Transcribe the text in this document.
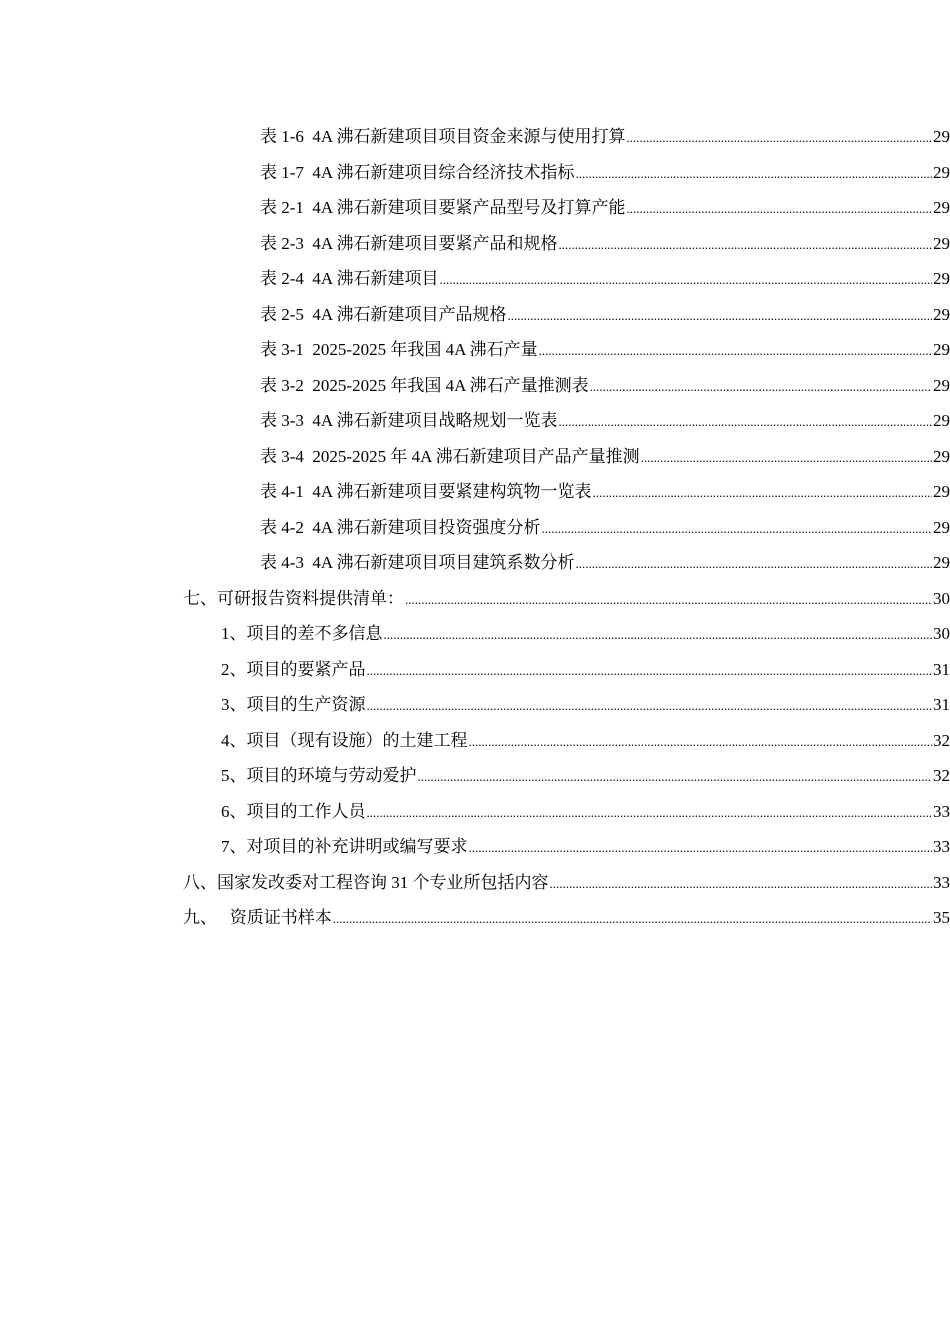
表 1-6  4A 沸石新建项目项目资金来源与使用打算 .....	29
表 1-7  4A 沸石新建项目综合经济技术指标 .....	29
表 2-1  4A 沸石新建项目要紧产品型号及打算产能 .....	29
表 2-3  4A 沸石新建项目要紧产品和规格 .....	29
表 2-4  4A 沸石新建项目 .....	29
表 2-5  4A 沸石新建项目产品规格 .....	29
表 3-1  2025-2025 年我国 4A 沸石产量 .....	29
表 3-2  2025-2025 年我国 4A 沸石产量推测表 .....	29
表 3-3  4A 沸石新建项目战略规划一览表 .....	29
表 3-4  2025-2025 年 4A 沸石新建项目产品产量推测 .....	29
表 4-1  4A 沸石新建项目要紧建构筑物一览表 .....	29
表 4-2  4A 沸石新建项目投资强度分析 .....	29
表 4-3  4A 沸石新建项目项目建筑系数分析 .....	29
七、可研报告资料提供清单： .....	30
1、项目的差不多信息 .....	30
2、项目的要紧产品 .....	31
3、项目的生产资源 .....	31
4、项目（现有设施）的土建工程 .....	32
5、项目的环境与劳动爱护 .....	32
6、项目的工作人员 .....	33
7、对项目的补充讲明或编写要求 .....	33
八、国家发改委对工程咨询 31 个专业所包括内容 .....	33
九、   资质证书样本 .....	35
